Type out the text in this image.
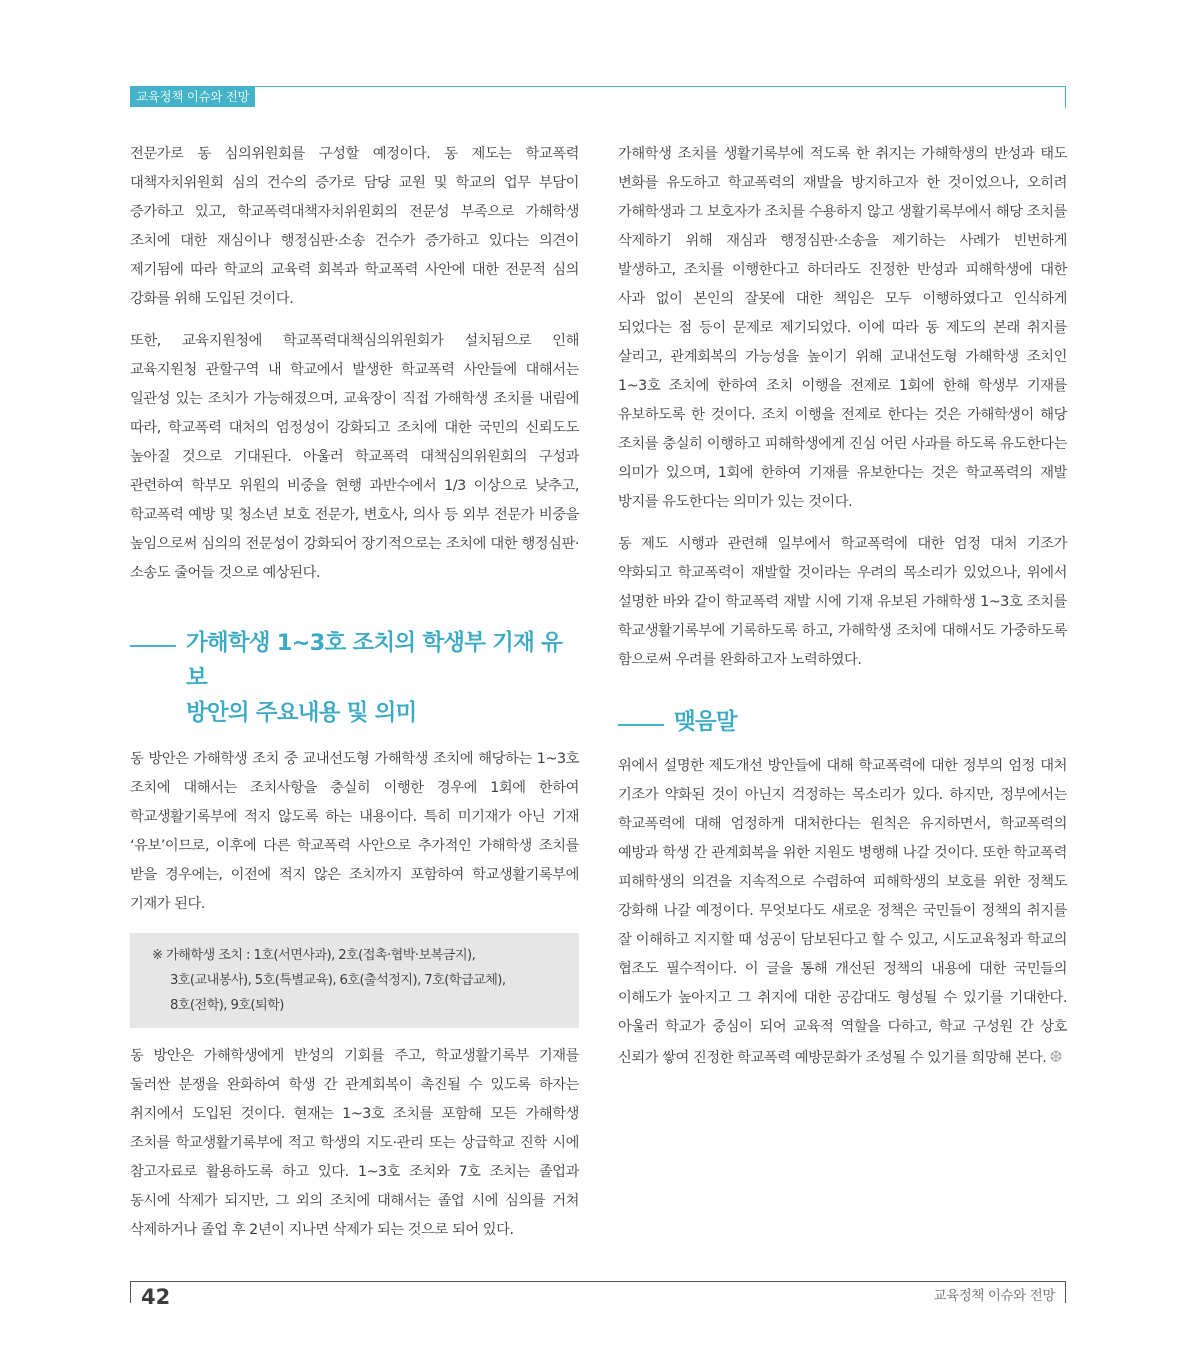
교육정책 이슈와 전망

전문가로 동 심의위원회를 구성할 예정이다. 동 제도는 학교폭력 대책자치위원회 심의 건수의 증가로 담당 교원 및 학교의 업무 부담이 증가하고 있고, 학교폭력대책자치위원회의 전문성 부족으로 가해학생 조치에 대한 재심이나 행정심판·소송 건수가 증가하고 있다는 의견이 제기됨에 따라 학교의 교육력 회복과 학교폭력 사안에 대한 전문적 심의 강화를 위해 도입된 것이다.

또한, 교육지원청에 학교폭력대책심의위원회가 설치됨으로 인해 교육지원청 관할구역 내 학교에서 발생한 학교폭력 사안들에 대해서는 일관성 있는 조치가 가능해졌으며, 교육장이 직접 가해학생 조치를 내림에 따라, 학교폭력 대처의 엄정성이 강화되고 조치에 대한 국민의 신뢰도도 높아질 것으로 기대된다. 아울러 학교폭력 대책심의위원회의 구성과 관련하여 학부모 위원의 비중을 현행 과반수에서 1/3 이상으로 낮추고, 학교폭력 예방 및 청소년 보호 전문가, 변호사, 의사 등 외부 전문가 비중을 높임으로써 심의의 전문성이 강화되어 장기적으로는 조치에 대한 행정심판·소송도 줄어들 것으로 예상된다.

가해학생 1~3호 조치의 학생부 기재 유보
방안의 주요내용 및 의미

동 방안은 가해학생 조치 중 교내선도형 가해학생 조치에 해당하는 1~3호 조치에 대해서는 조치사항을 충실히 이행한 경우에 1회에 한하여 학교생활기록부에 적지 않도록 하는 내용이다. 특히 미기재가 아닌 기재 ‘유보’이므로, 이후에 다른 학교폭력 사안으로 추가적인 가해학생 조치를 받을 경우에는, 이전에 적지 않은 조치까지 포함하여 학교생활기록부에 기재가 된다.

※ 가해학생 조치 : 1호(서면사과), 2호(접촉·협박·보복금지),
3호(교내봉사), 5호(특별교육), 6호(출석정지), 7호(학급교체),
8호(전학), 9호(퇴학)

동 방안은 가해학생에게 반성의 기회를 주고, 학교생활기록부 기재를 둘러싼 분쟁을 완화하여 학생 간 관계회복이 촉진될 수 있도록 하자는 취지에서 도입된 것이다. 현재는 1~3호 조치를 포함해 모든 가해학생 조치를 학교생활기록부에 적고 학생의 지도·관리 또는 상급학교 진학 시에 참고자료로 활용하도록 하고 있다. 1~3호 조치와 7호 조치는 졸업과 동시에 삭제가 되지만, 그 외의 조치에 대해서는 졸업 시에 심의를 거쳐 삭제하거나 졸업 후 2년이 지나면 삭제가 되는 것으로 되어 있다.

가해학생 조치를 생활기록부에 적도록 한 취지는 가해학생의 반성과 태도 변화를 유도하고 학교폭력의 재발을 방지하고자 한 것이었으나, 오히려 가해학생과 그 보호자가 조치를 수용하지 않고 생활기록부에서 해당 조치를 삭제하기 위해 재심과 행정심판·소송을 제기하는 사례가 빈번하게 발생하고, 조치를 이행한다고 하더라도 진정한 반성과 피해학생에 대한 사과 없이 본인의 잘못에 대한 책임은 모두 이행하였다고 인식하게 되었다는 점 등이 문제로 제기되었다. 이에 따라 동 제도의 본래 취지를 살리고, 관계회복의 가능성을 높이기 위해 교내선도형 가해학생 조치인 1~3호 조치에 한하여 조치 이행을 전제로 1회에 한해 학생부 기재를 유보하도록 한 것이다. 조치 이행을 전제로 한다는 것은 가해학생이 해당 조치를 충실히 이행하고 피해학생에게 진심 어린 사과를 하도록 유도한다는 의미가 있으며, 1회에 한하여 기재를 유보한다는 것은 학교폭력의 재발 방지를 유도한다는 의미가 있는 것이다.

동 제도 시행과 관련해 일부에서 학교폭력에 대한 엄정 대처 기조가 약화되고 학교폭력이 재발할 것이라는 우려의 목소리가 있었으나, 위에서 설명한 바와 같이 학교폭력 재발 시에 기재 유보된 가해학생 1~3호 조치를 학교생활기록부에 기록하도록 하고, 가해학생 조치에 대해서도 가중하도록 함으로써 우려를 완화하고자 노력하였다.

맺음말

위에서 설명한 제도개선 방안들에 대해 학교폭력에 대한 정부의 엄정 대처 기조가 약화된 것이 아닌지 걱정하는 목소리가 있다. 하지만, 정부에서는 학교폭력에 대해 엄정하게 대처한다는 원칙은 유지하면서, 학교폭력의 예방과 학생 간 관계회복을 위한 지원도 병행해 나갈 것이다. 또한 학교폭력 피해학생의 의견을 지속적으로 수렴하여 피해학생의 보호를 위한 정책도 강화해 나갈 예정이다. 무엇보다도 새로운 정책은 국민들이 정책의 취지를 잘 이해하고 지지할 때 성공이 담보된다고 할 수 있고, 시도교육청과 학교의 협조도 필수적이다. 이 글을 통해 개선된 정책의 내용에 대한 국민들의 이해도가 높아지고 그 취지에 대한 공감대도 형성될 수 있기를 기대한다. 아울러 학교가 중심이 되어 교육적 역할을 다하고, 학교 구성원 간 상호 신뢰가 쌓여 진정한 학교폭력 예방문화가 조성될 수 있기를 희망해 본다. ❆

42	교육정책 이슈와 전망
